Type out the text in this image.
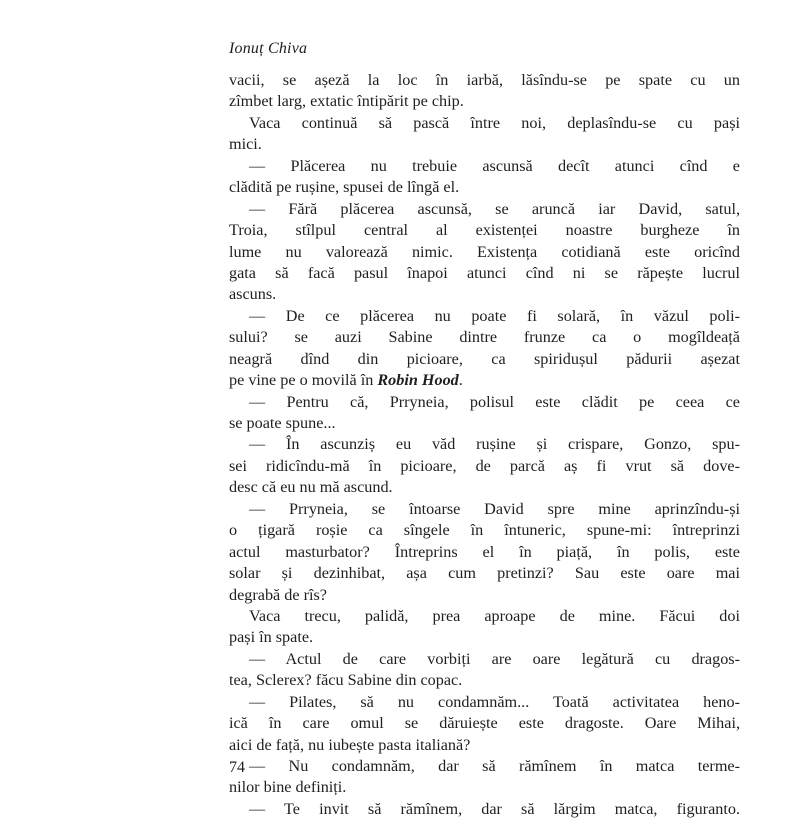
Ionuț Chiva
vacii, se așeză la loc în iarbă, lăsîndu-se pe spate cu un
zîmbet larg, extatic întipărit pe chip.
Vaca continuă să pască între noi, deplasîndu-se cu pași
mici.
— Plăcerea nu trebuie ascunsă decît atunci cînd e
clădită pe rușine, spusei de lîngă el.
— Fără plăcerea ascunsă, se aruncă iar David, satul,
Troia, stîlpul central al existenței noastre burgheze în
lume nu valorează nimic. Existența cotidiană este oricînd
gata să facă pasul înapoi atunci cînd ni se răpește lucrul
ascuns.
— De ce plăcerea nu poate fi solară, în văzul poli-
sului? se auzi Sabine dintre frunze ca o mogîldeață
neagră dînd din picioare, ca spiridușul pădurii așezat
pe vine pe o movilă în Robin Hood.
— Pentru că, Prryneia, polisul este clădit pe ceea ce
se poate spune...
— În ascunziș eu văd rușine și crispare, Gonzo, spu-
sei ridicîndu-mă în picioare, de parcă aș fi vrut să dove-
desc că eu nu mă ascund.
— Prryneia, se întoarse David spre mine aprinzîndu-și
o țigară roșie ca sîngele în întuneric, spune-mi: întreprinzi
actul masturbator? Întreprins el în piață, în polis, este
solar și dezinhibat, așa cum pretinzi? Sau este oare mai
degrabă de rîs?
Vaca trecu, palidă, prea aproape de mine. Făcui doi
pași în spate.
— Actul de care vorbiți are oare legătură cu dragos-
tea, Sclerex? făcu Sabine din copac.
— Pilates, să nu condamnăm... Toată activitatea heno-
ică în care omul se dăruiește este dragoste. Oare Mihai,
aici de față, nu iubește pasta italiană?
— Nu condamnăm, dar să rămînem în matca terme-
nilor bine definiți.
— Te invit să rămînem, dar să lărgim matca, figuranto.
74
